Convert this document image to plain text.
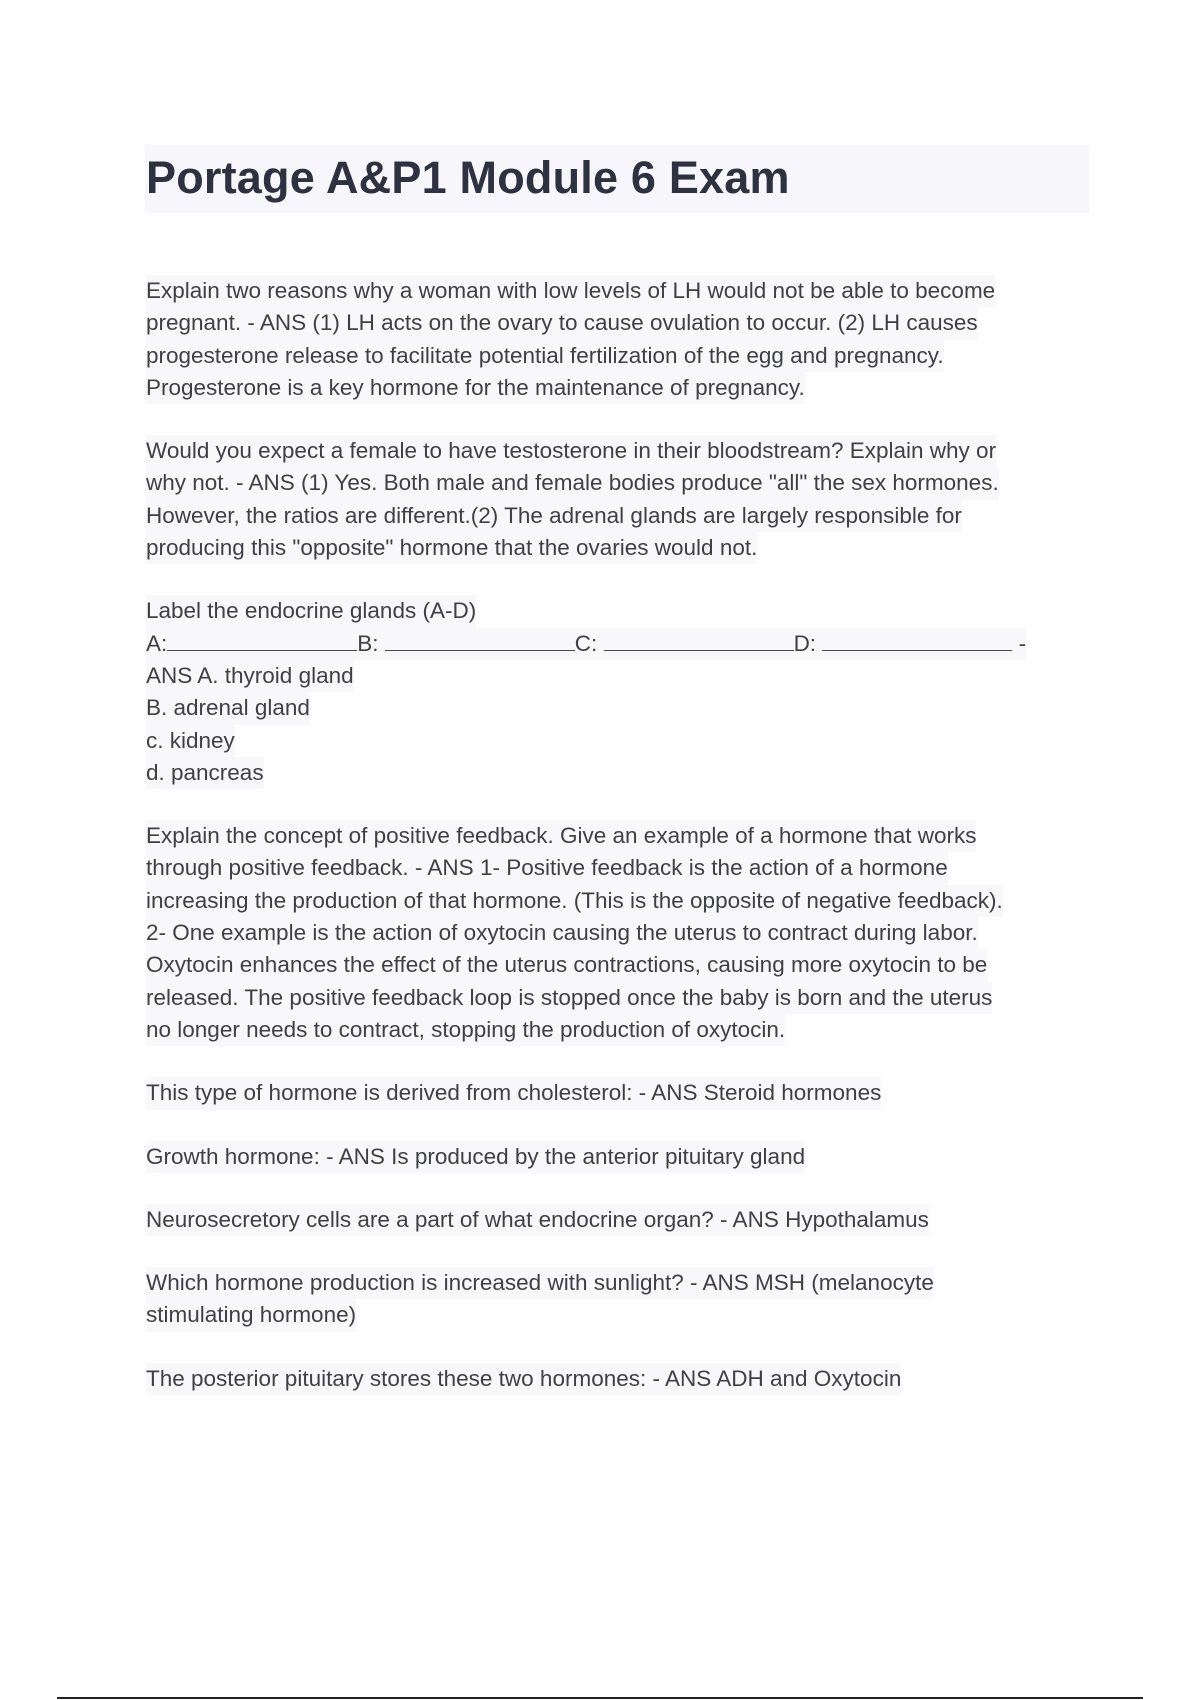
Portage A&P1 Module 6 Exam
Explain two reasons why a woman with low levels of LH would not be able to become
pregnant. - ANS (1) LH acts on the ovary to cause ovulation to occur. (2) LH causes
progesterone release to facilitate potential fertilization of the egg and pregnancy.
Progesterone is a key hormone for the maintenance of pregnancy.
Would you expect a female to have testosterone in their bloodstream? Explain why or
why not. - ANS (1) Yes. Both male and female bodies produce "all" the sex hormones.
However, the ratios are different.(2) The adrenal glands are largely responsible for
producing this "opposite" hormone that the ovaries would not.
Label the endocrine glands (A-D)
A:	B:	C:	D:	-
ANS A. thyroid gland
B. adrenal gland
c. kidney
d. pancreas
Explain the concept of positive feedback. Give an example of a hormone that works
through positive feedback. - ANS 1- Positive feedback is the action of a hormone
increasing the production of that hormone. (This is the opposite of negative feedback).
2- One example is the action of oxytocin causing the uterus to contract during labor.
Oxytocin enhances the effect of the uterus contractions, causing more oxytocin to be
released. The positive feedback loop is stopped once the baby is born and the uterus
no longer needs to contract, stopping the production of oxytocin.
This type of hormone is derived from cholesterol: - ANS Steroid hormones
Growth hormone: - ANS Is produced by the anterior pituitary gland
Neurosecretory cells are a part of what endocrine organ? - ANS Hypothalamus
Which hormone production is increased with sunlight? - ANS MSH (melanocyte
stimulating hormone)
The posterior pituitary stores these two hormones: - ANS ADH and Oxytocin
